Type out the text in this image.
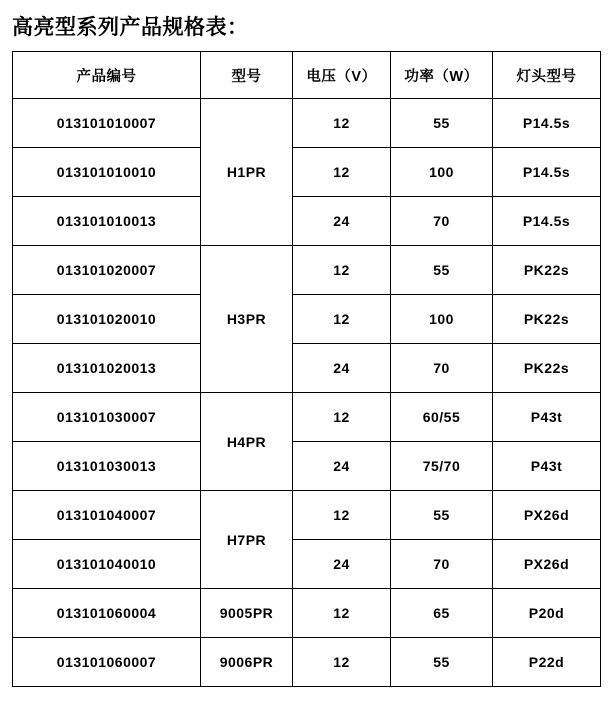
高亮型系列产品规格表：
产品编号	型号	电压（V）	功率（W）	灯头型号
013101010007	H1PR	12	55	P14.5s
013101010010		12	100	P14.5s
013101010013		24	70	P14.5s
013101020007	H3PR	12	55	PK22s
013101020010		12	100	PK22s
013101020013		24	70	PK22s
013101030007	H4PR	12	60/55	P43t
013101030013		24	75/70	P43t
013101040007	H7PR	12	55	PX26d
013101040010		24	70	PX26d
013101060004	9005PR	12	65	P20d
013101060007	9006PR	12	55	P22d
